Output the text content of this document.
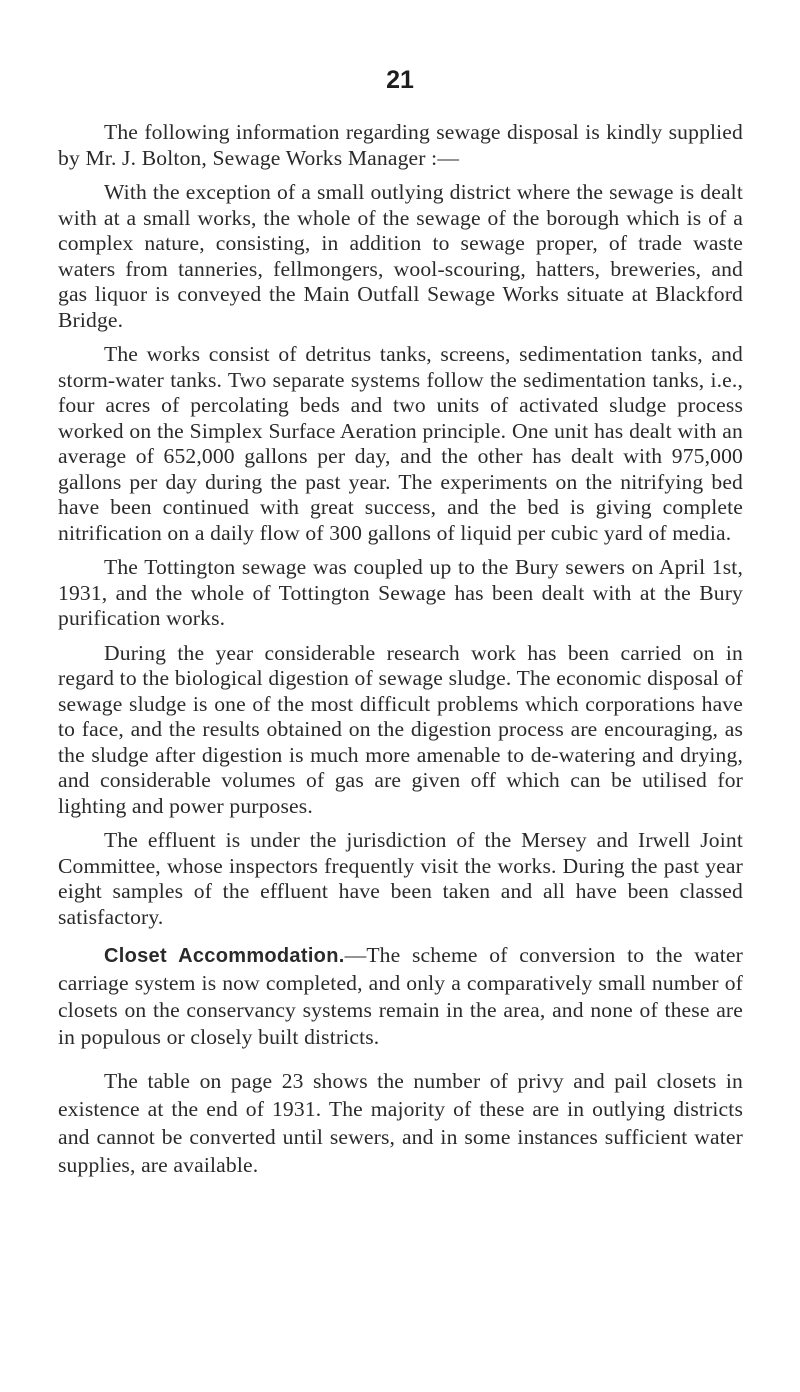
21

The following information regarding sewage disposal is kindly supplied by Mr. J. Bolton, Sewage Works Manager :—

With the exception of a small outlying district where the sewage is dealt with at a small works, the whole of the sewage of the borough which is of a complex nature, consisting, in addition to sewage proper, of trade waste waters from tanneries, fellmongers, wool-scouring, hatters, breweries, and gas liquor is conveyed the Main Outfall Sewage Works situate at Blackford Bridge.

The works consist of detritus tanks, screens, sedimentation tanks, and storm-water tanks. Two separate systems follow the sedimentation tanks, i.e., four acres of percolating beds and two units of activated sludge process worked on the Simplex Surface Aeration principle. One unit has dealt with an average of 652,000 gallons per day, and the other has dealt with 975,000 gallons per day during the past year. The experiments on the nitrifying bed have been continued with great success, and the bed is giving complete nitrification on a daily flow of 300 gallons of liquid per cubic yard of media.

The Tottington sewage was coupled up to the Bury sewers on April 1st, 1931, and the whole of Tottington Sewage has been dealt with at the Bury purification works.

During the year considerable research work has been carried on in regard to the biological digestion of sewage sludge. The economic disposal of sewage sludge is one of the most difficult problems which corporations have to face, and the results obtained on the digestion process are encouraging, as the sludge after digestion is much more amenable to de-watering and drying, and considerable volumes of gas are given off which can be utilised for lighting and power purposes.

The effluent is under the jurisdiction of the Mersey and Irwell Joint Committee, whose inspectors frequently visit the works. During the past year eight samples of the effluent have been taken and all have been classed satisfactory.

Closet Accommodation.—The scheme of conversion to the water carriage system is now completed, and only a comparatively small number of closets on the conservancy systems remain in the area, and none of these are in populous or closely built districts.

The table on page 23 shows the number of privy and pail closets in existence at the end of 1931. The majority of these are in outlying districts and cannot be converted until sewers, and in some instances sufficient water supplies, are available.
